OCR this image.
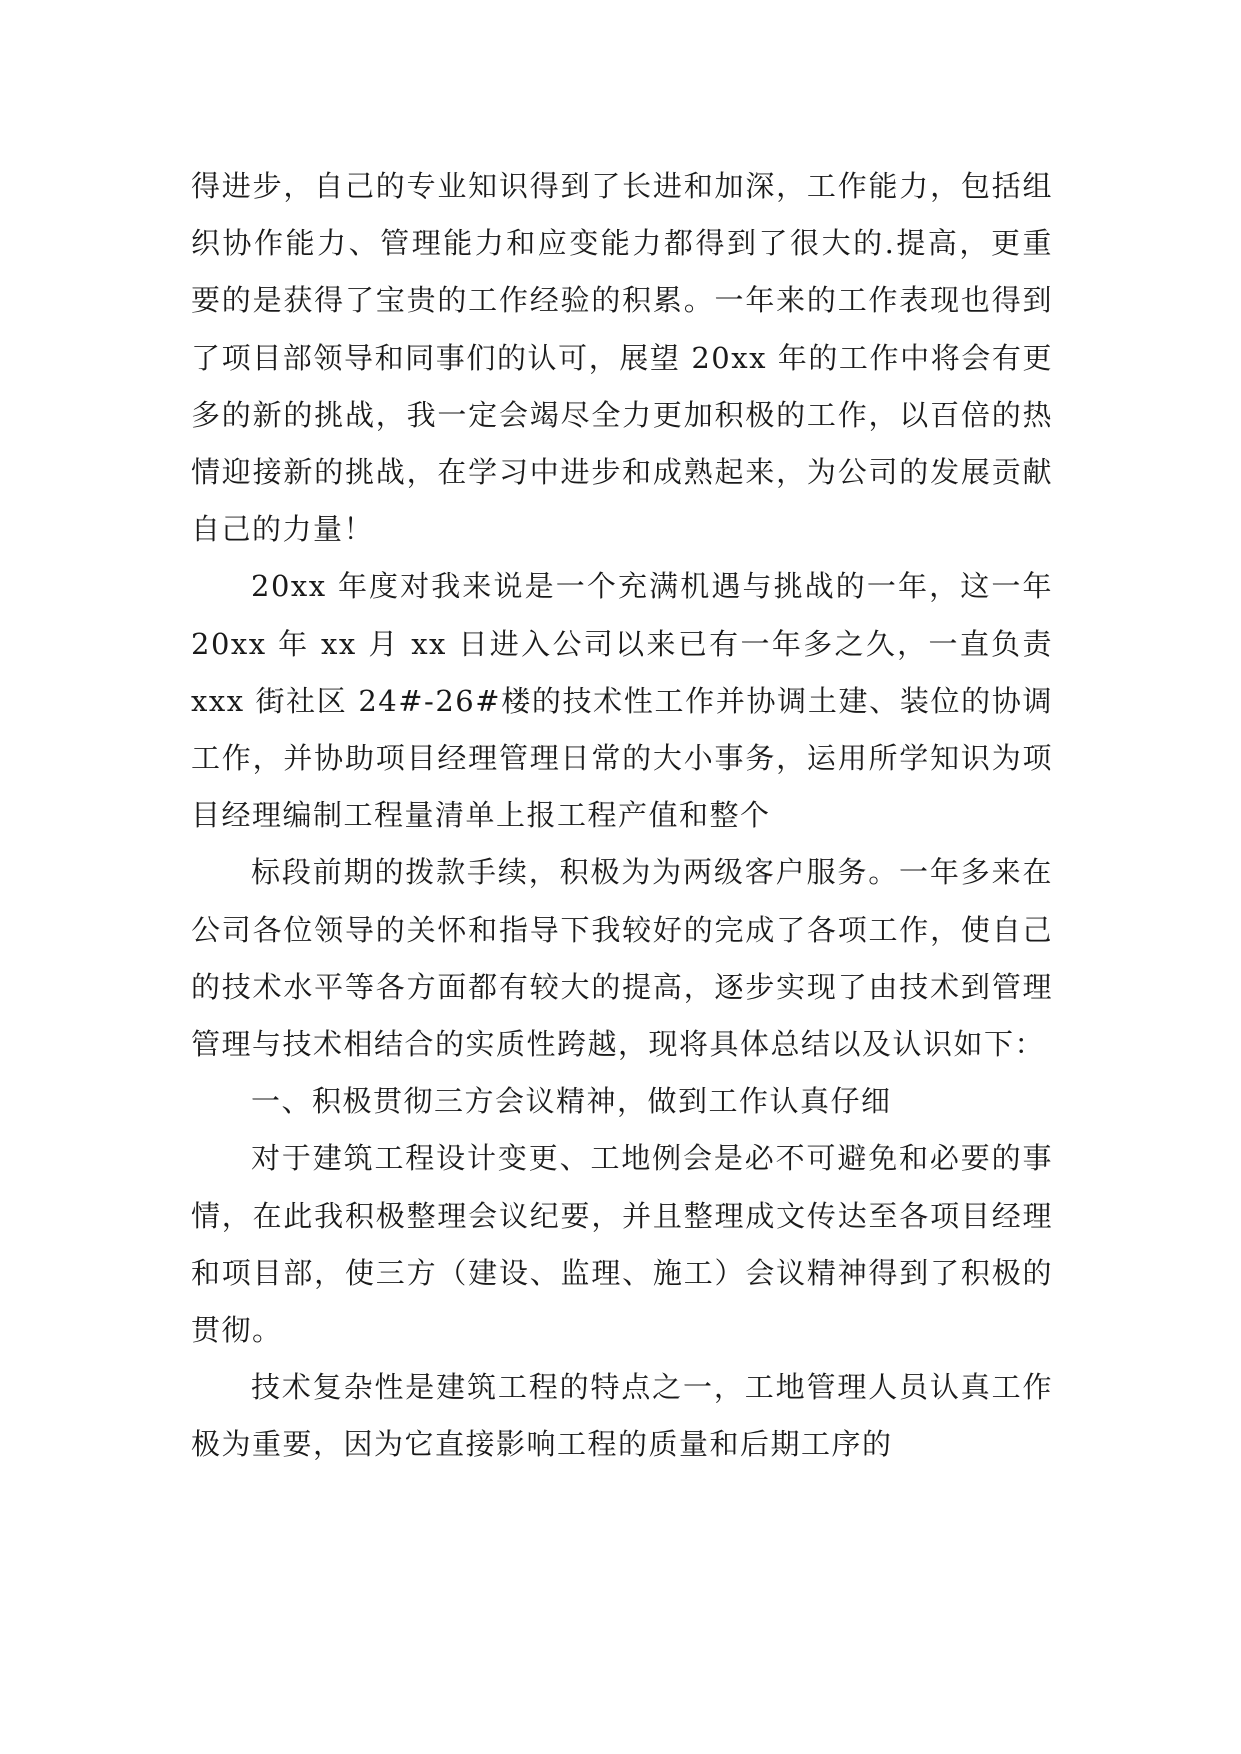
得进步，自己的专业知识得到了长进和加深，工作能力，包括组织协作能力、管理能力和应变能力都得到了很大的.提高，更重要的是获得了宝贵的工作经验的积累。一年来的工作表现也得到了项目部领导和同事们的认可，展望 20xx 年的工作中将会有更多的新的挑战，我一定会竭尽全力更加积极的工作，以百倍的热情迎接新的挑战，在学习中进步和成熟起来，为公司的发展贡献自己的力量！

20xx 年度对我来说是一个充满机遇与挑战的一年，这一年 20xx 年 xx 月 xx 日进入公司以来已有一年多之久，一直负责 xxx 街社区 24#-26#楼的技术性工作并协调土建、装位的协调工作，并协助项目经理管理日常的大小事务，运用所学知识为项目经理编制工程量清单上报工程产值和整个

标段前期的拨款手续，积极为为两级客户服务。一年多来在公司各位领导的关怀和指导下我较好的完成了各项工作，使自己的技术水平等各方面都有较大的提高，逐步实现了由技术到管理管理与技术相结合的实质性跨越，现将具体总结以及认识如下：

一、积极贯彻三方会议精神，做到工作认真仔细

对于建筑工程设计变更、工地例会是必不可避免和必要的事情，在此我积极整理会议纪要，并且整理成文传达至各项目经理和项目部，使三方（建设、监理、施工）会议精神得到了积极的贯彻。

技术复杂性是建筑工程的特点之一，工地管理人员认真工作极为重要，因为它直接影响工程的质量和后期工序的
